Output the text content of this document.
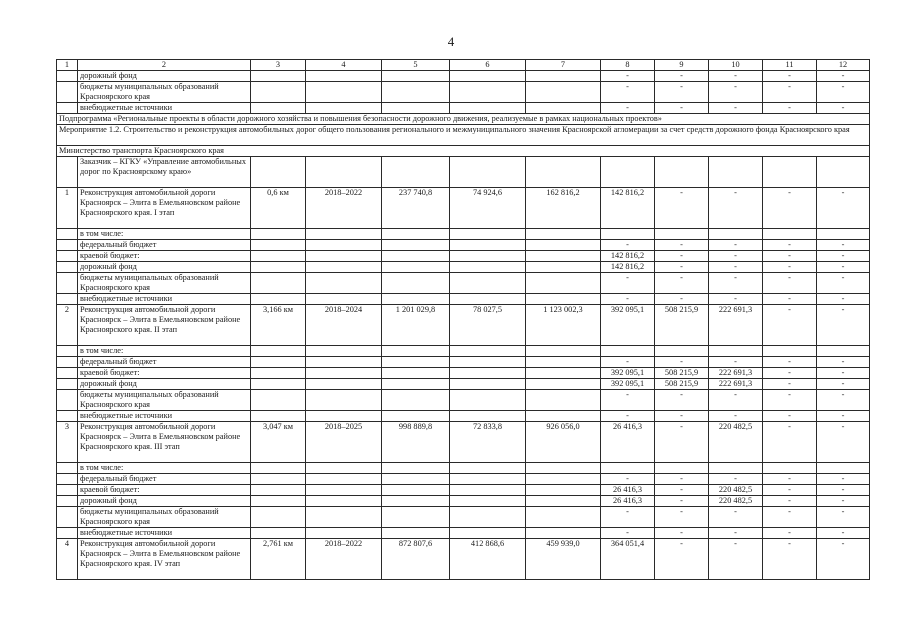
4
1	2	3	4	5	6	7	8	9	10	11	12
	дорожный фонд						-	-	-	-	-
	бюджеты муниципальных образований Красноярского края						-	-	-	-	-
	внебюджетные источники						-	-	-	-	-
Подпрограмма «Региональные проекты в области дорожного хозяйства и повышения безопасности дорожного движения, реализуемые в рамках национальных проектов»											
Мероприятие 1.2. Строительство и реконструкция автомобильных дорог общего пользования регионального и межмуниципального значения Красноярской агломерации за счет средств дорожного фонда Красноярского края											
Министерство транспорта Красноярского края											
	Заказчик – КГКУ «Управление автомобильных дорог по Красноярскому краю»										
1	Реконструкция автомобильной дороги Красноярск – Элита в Емельяновском районе Красноярского края. I этап	0,6 км	2018–2022	237 740,8	74 924,6	162 816,2	142 816,2	-	-	-	-
	в том числе:										
	федеральный бюджет						-	-	-	-	-
	краевой бюджет:						142 816,2	-	-	-	-
	дорожный фонд						142 816,2	-	-	-	-
	бюджеты муниципальных образований Красноярского края						-	-	-	-	-
	внебюджетные источники						-	-	-	-	-
2	Реконструкция автомобильной дороги Красноярск – Элита в Емельяновском районе Красноярского края. II этап	3,166 км	2018–2024	1 201 029,8	78 027,5	1 123 002,3	392 095,1	508 215,9	222 691,3	-	-
	в том числе:										
	федеральный бюджет						-	-	-	-	-
	краевой бюджет:						392 095,1	508 215,9	222 691,3	-	-
	дорожный фонд						392 095,1	508 215,9	222 691,3	-	-
	бюджеты муниципальных образований Красноярского края						-	-	-	-	-
	внебюджетные источники						-	-	-	-	-
3	Реконструкция автомобильной дороги Красноярск – Элита в Емельяновском районе Красноярского края. III этап	3,047 км	2018–2025	998 889,8	72 833,8	926 056,0	26 416,3	-	220 482,5	-	-
	в том числе:										
	федеральный бюджет						-	-	-	-	-
	краевой бюджет:						26 416,3	-	220 482,5	-	-
	дорожный фонд						26 416,3	-	220 482,5	-	-
	бюджеты муниципальных образований Красноярского края						-	-	-	-	-
	внебюджетные источники						-	-	-	-	-
4	Реконструкция автомобильной дороги Красноярск – Элита в Емельяновском районе Красноярского края. IV этап	2,761 км	2018–2022	872 807,6	412 868,6	459 939,0	364 051,4	-	-	-	-
